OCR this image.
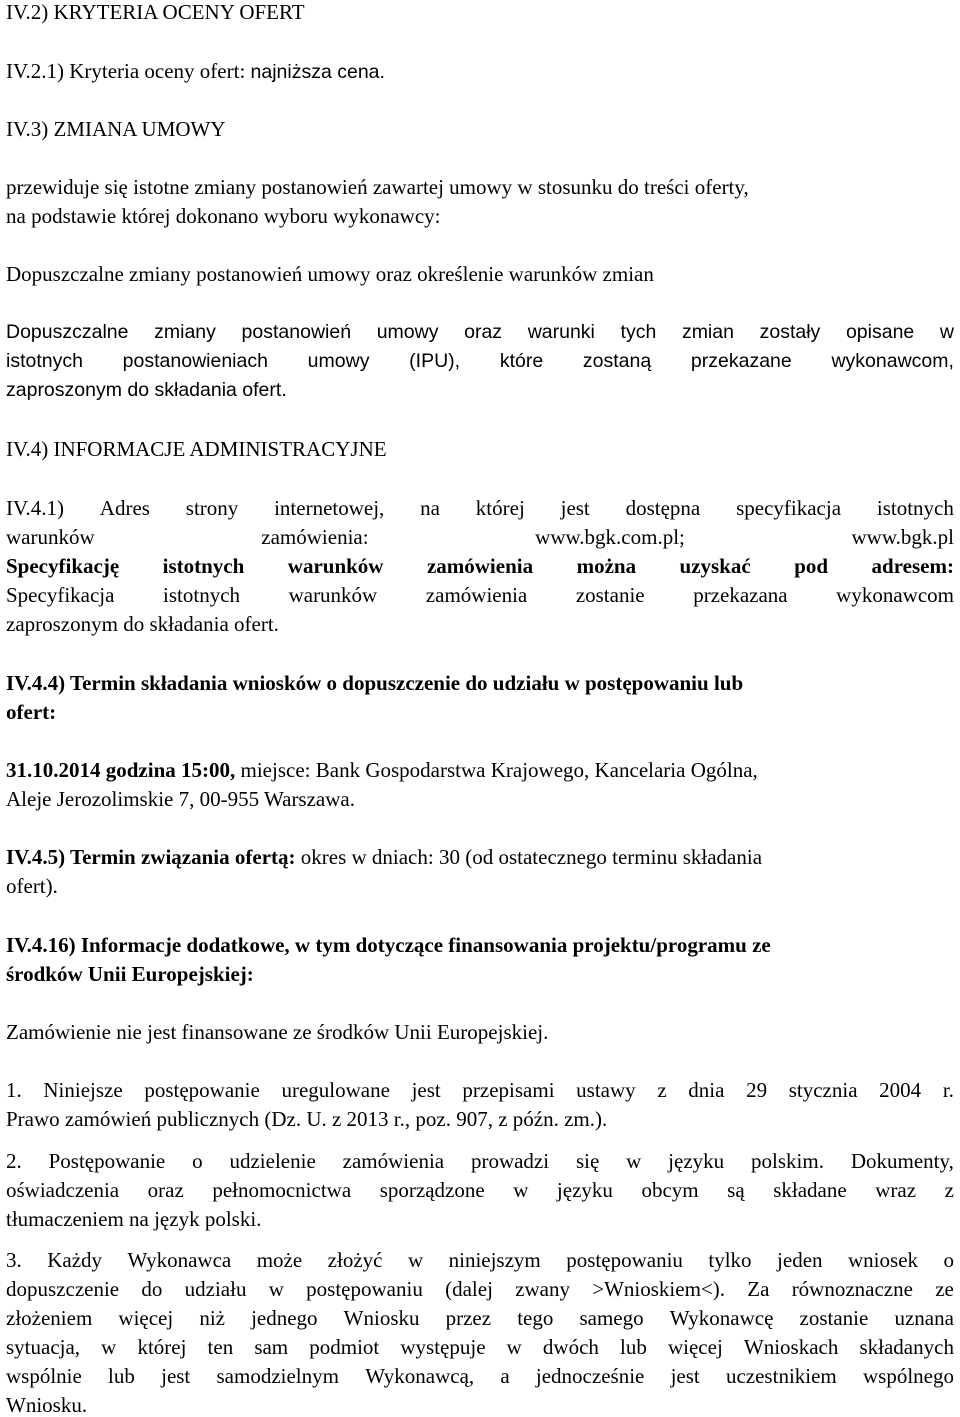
IV.2) KRYTERIA OCENY OFERT
IV.2.1) Kryteria oceny ofert: najniższa cena.
IV.3) ZMIANA UMOWY
przewiduje się istotne zmiany postanowień zawartej umowy w stosunku do treści oferty,
na podstawie której dokonano wyboru wykonawcy:
Dopuszczalne zmiany postanowień umowy oraz określenie warunków zmian
Dopuszczalne zmiany postanowień umowy oraz warunki tych zmian zostały opisane w
istotnych postanowieniach umowy (IPU), które zostaną przekazane wykonawcom,
zaproszonym do składania ofert.
IV.4) INFORMACJE ADMINISTRACYJNE
IV.4.1) Adres strony internetowej, na której jest dostępna specyfikacja istotnych
warunków	zamówienia:	www.bgk.com.pl;	www.bgk.pl
Specyfikację istotnych warunków zamówienia można uzyskać pod adresem:
Specyfikacja istotnych warunków zamówienia zostanie przekazana wykonawcom
zaproszonym do składania ofert.
IV.4.4) Termin składania wniosków o dopuszczenie do udziału w postępowaniu lub
ofert:
31.10.2014 godzina 15:00, miejsce: Bank Gospodarstwa Krajowego, Kancelaria Ogólna,
Aleje Jerozolimskie 7, 00-955 Warszawa.
IV.4.5) Termin związania ofertą: okres w dniach: 30 (od ostatecznego terminu składania
ofert).
IV.4.16) Informacje dodatkowe, w tym dotyczące finansowania projektu/programu ze
środków Unii Europejskiej:
Zamówienie nie jest finansowane ze środków Unii Europejskiej.
1. Niniejsze postępowanie uregulowane jest przepisami ustawy z dnia 29 stycznia 2004 r.
Prawo zamówień publicznych (Dz. U. z 2013 r., poz. 907, z późn. zm.).
2. Postępowanie o udzielenie zamówienia prowadzi się w języku polskim. Dokumenty,
oświadczenia oraz pełnomocnictwa sporządzone w języku obcym są składane wraz z
tłumaczeniem na język polski.
3. Każdy Wykonawca może złożyć w niniejszym postępowaniu tylko jeden wniosek o
dopuszczenie do udziału w postępowaniu (dalej zwany >Wnioskiem<). Za równoznaczne ze
złożeniem więcej niż jednego Wniosku przez tego samego Wykonawcę zostanie uznana
sytuacja, w której ten sam podmiot występuje w dwóch lub więcej Wnioskach składanych
wspólnie lub jest samodzielnym Wykonawcą, a jednocześnie jest uczestnikiem wspólnego
Wniosku.
